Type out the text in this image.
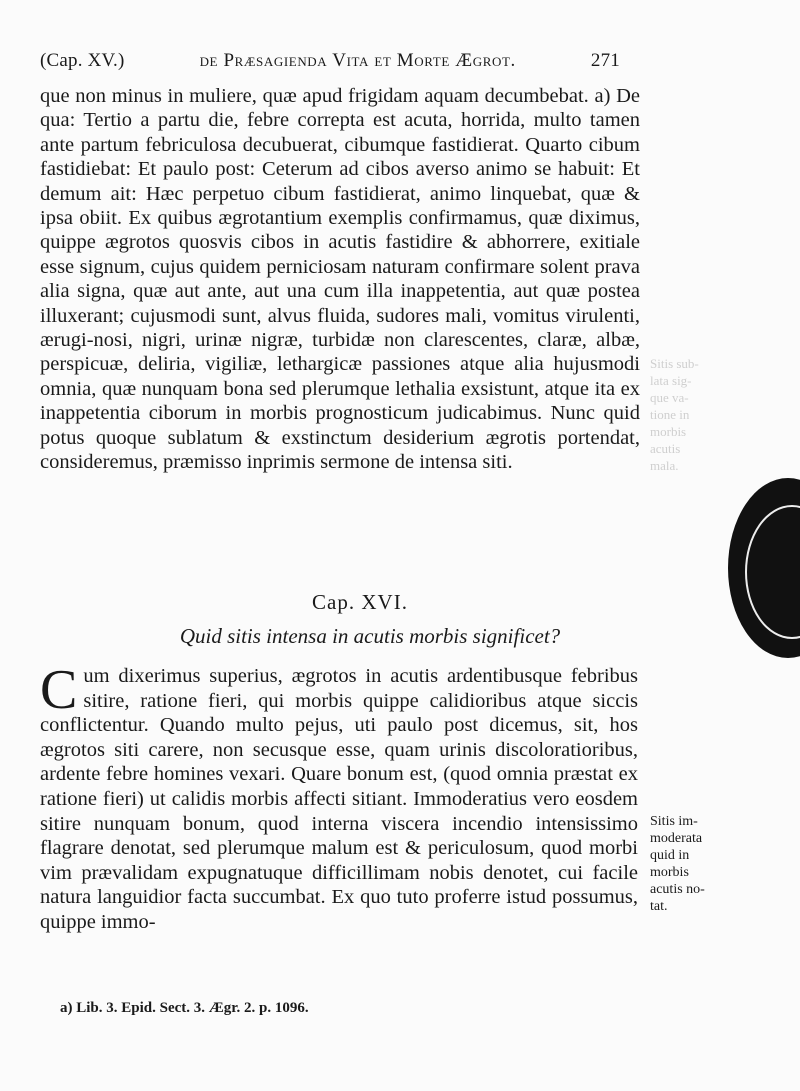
(Cap. XV.)	de Præsagienda Vita et Morte Ægrot.	271

que non minus in muliere, quæ apud frigidam aquam decumbebat. a) De qua: Tertio a partu die, febre correpta est acuta, horrida, multo tamen ante partum febriculosa decubuerat, cibumque fastidierat. Quarto cibum fastidiebat: Et paulo post: Ceterum ad cibos averso animo se habuit: Et demum ait: Hæc perpetuo cibum fastidierat, animo linquebat, quæ & ipsa obiit. Ex quibus ægrotantium exemplis confirmamus, quæ diximus, quippe ægrotos quosvis cibos in acutis fastidire & abhorrere, exitiale esse signum, cujus quidem perniciosam naturam confirmare solent prava alia signa, quæ aut ante, aut una cum illa inappetentia, aut quæ postea illuxerant; cujusmodi sunt, alvus fluida, sudores mali, vomitus virulenti, ærugi-nosi, nigri, urinæ nigræ, turbidæ non clarescentes, claræ, albæ, perspicuæ, deliria, vigiliæ, lethargicæ passiones atque alia hujusmodi omnia, quæ nunquam bona sed plerumque lethalia exsistunt, atque ita ex inappetentia ciborum in morbis prognosticum judicabimus. Nunc quid potus quoque sublatum & exstinctum desiderium ægrotis portendat, consideremus, præmisso inprimis sermone de intensa siti.

Cap. XVI.
Quid sitis intensa in acutis morbis significet?
C um dixerimus superius, ægrotos in acutis ardentibusque febribus sitire, ratione fieri, qui morbis quippe calidioribus atque siccis conflictentur. Quando multo pejus, uti paulo post dicemus, sit, hos ægrotos siti carere, non secusque esse, quam urinis discoloratioribus, ardente febre homines vexari. Quare bonum est, (quod omnia præstat ex ratione fieri) ut calidis morbis affecti sitiant. Immoderatius vero eosdem sitire nunquam bonum, quod interna viscera incendio intensissimo flagrare denotat, sed plerumque malum est & periculosum, quod morbi vim prævalidam expugnatuque difficillimam nobis denotet, cui facile natura languidior facta succumbat. Ex quo tuto proferre istud possumus, quippe immo-
Sitis sub-
lata sig-
que va-
tione in
morbis
acutis
mala.
Sitis im-
moderata
quid in
morbis
acutis no-
tat.
a) Lib. 3. Epid. Sect. 3. Ægr. 2. p. 1096.
